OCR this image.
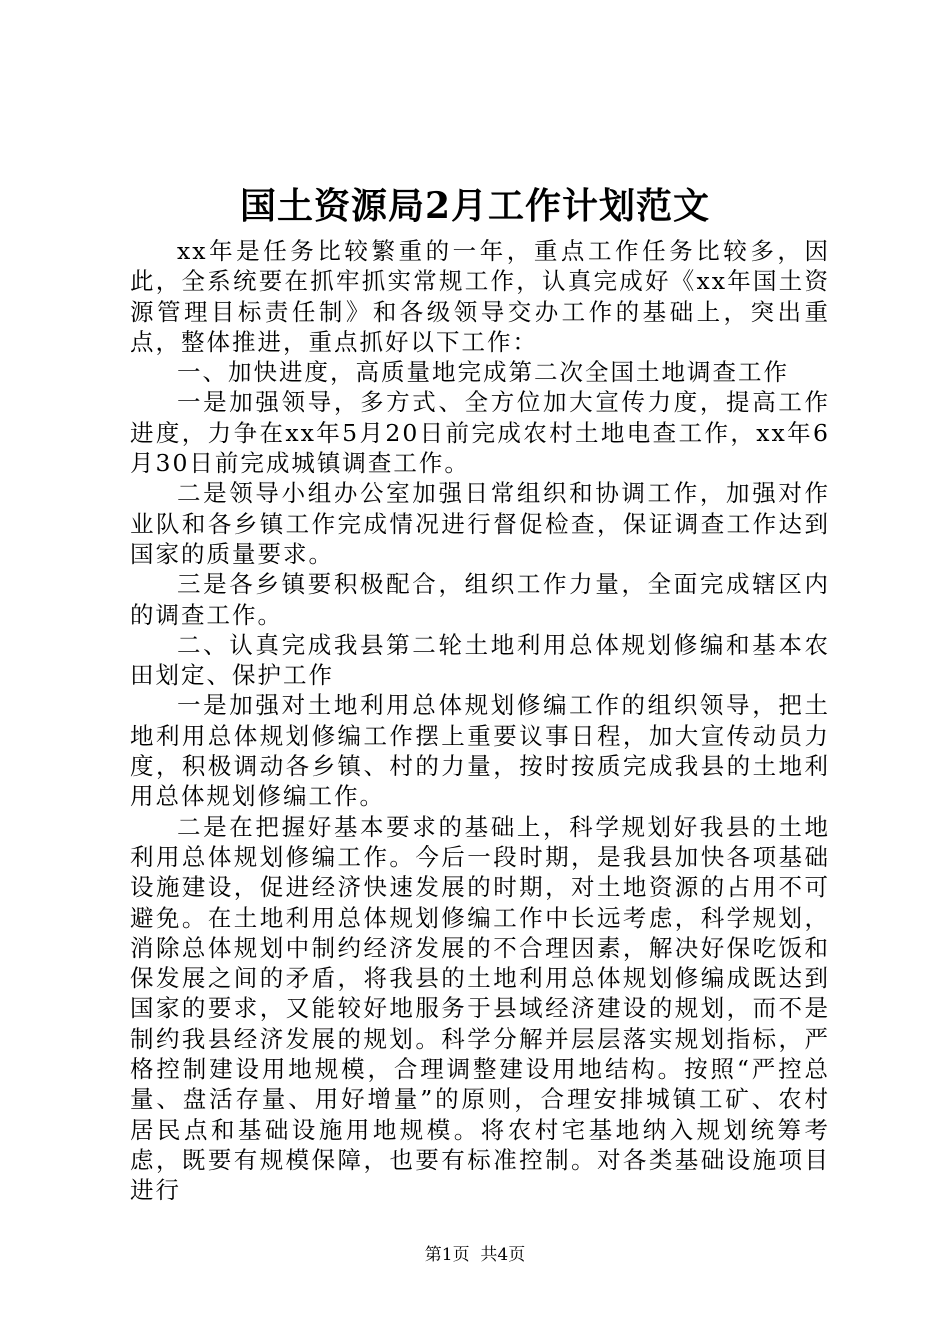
国土资源局2月工作计划范文

xx年是任务比较繁重的一年，重点工作任务比较多，因此，全系统要在抓牢抓实常规工作，认真完成好《xx年国土资源管理目标责任制》和各级领导交办工作的基础上，突出重点，整体推进，重点抓好以下工作：

一、加快进度，高质量地完成第二次全国土地调查工作

一是加强领导，多方式、全方位加大宣传力度，提高工作进度，力争在xx年5月20日前完成农村土地电查工作，xx年6月30日前完成城镇调查工作。

二是领导小组办公室加强日常组织和协调工作，加强对作业队和各乡镇工作完成情况进行督促检查，保证调查工作达到国家的质量要求。

三是各乡镇要积极配合，组织工作力量，全面完成辖区内的调查工作。

二、认真完成我县第二轮土地利用总体规划修编和基本农田划定、保护工作

一是加强对土地利用总体规划修编工作的组织领导，把土地利用总体规划修编工作摆上重要议事日程，加大宣传动员力度，积极调动各乡镇、村的力量，按时按质完成我县的土地利用总体规划修编工作。

二是在把握好基本要求的基础上，科学规划好我县的土地利用总体规划修编工作。今后一段时期，是我县加快各项基础设施建设，促进经济快速发展的时期，对土地资源的占用不可避免。在土地利用总体规划修编工作中长远考虑，科学规划，消除总体规划中制约经济发展的不合理因素，解决好保吃饭和保发展之间的矛盾，将我县的土地利用总体规划修编成既达到国家的要求，又能较好地服务于县域经济建设的规划，而不是制约我县经济发展的规划。科学分解并层层落实规划指标，严格控制建设用地规模，合理调整建设用地结构。按照“严控总量、盘活存量、用好增量”的原则，合理安排城镇工矿、农村居民点和基础设施用地规模。将农村宅基地纳入规划统筹考虑，既要有规模保障，也要有标准控制。对各类基础设施项目进行

第1页 共4页
